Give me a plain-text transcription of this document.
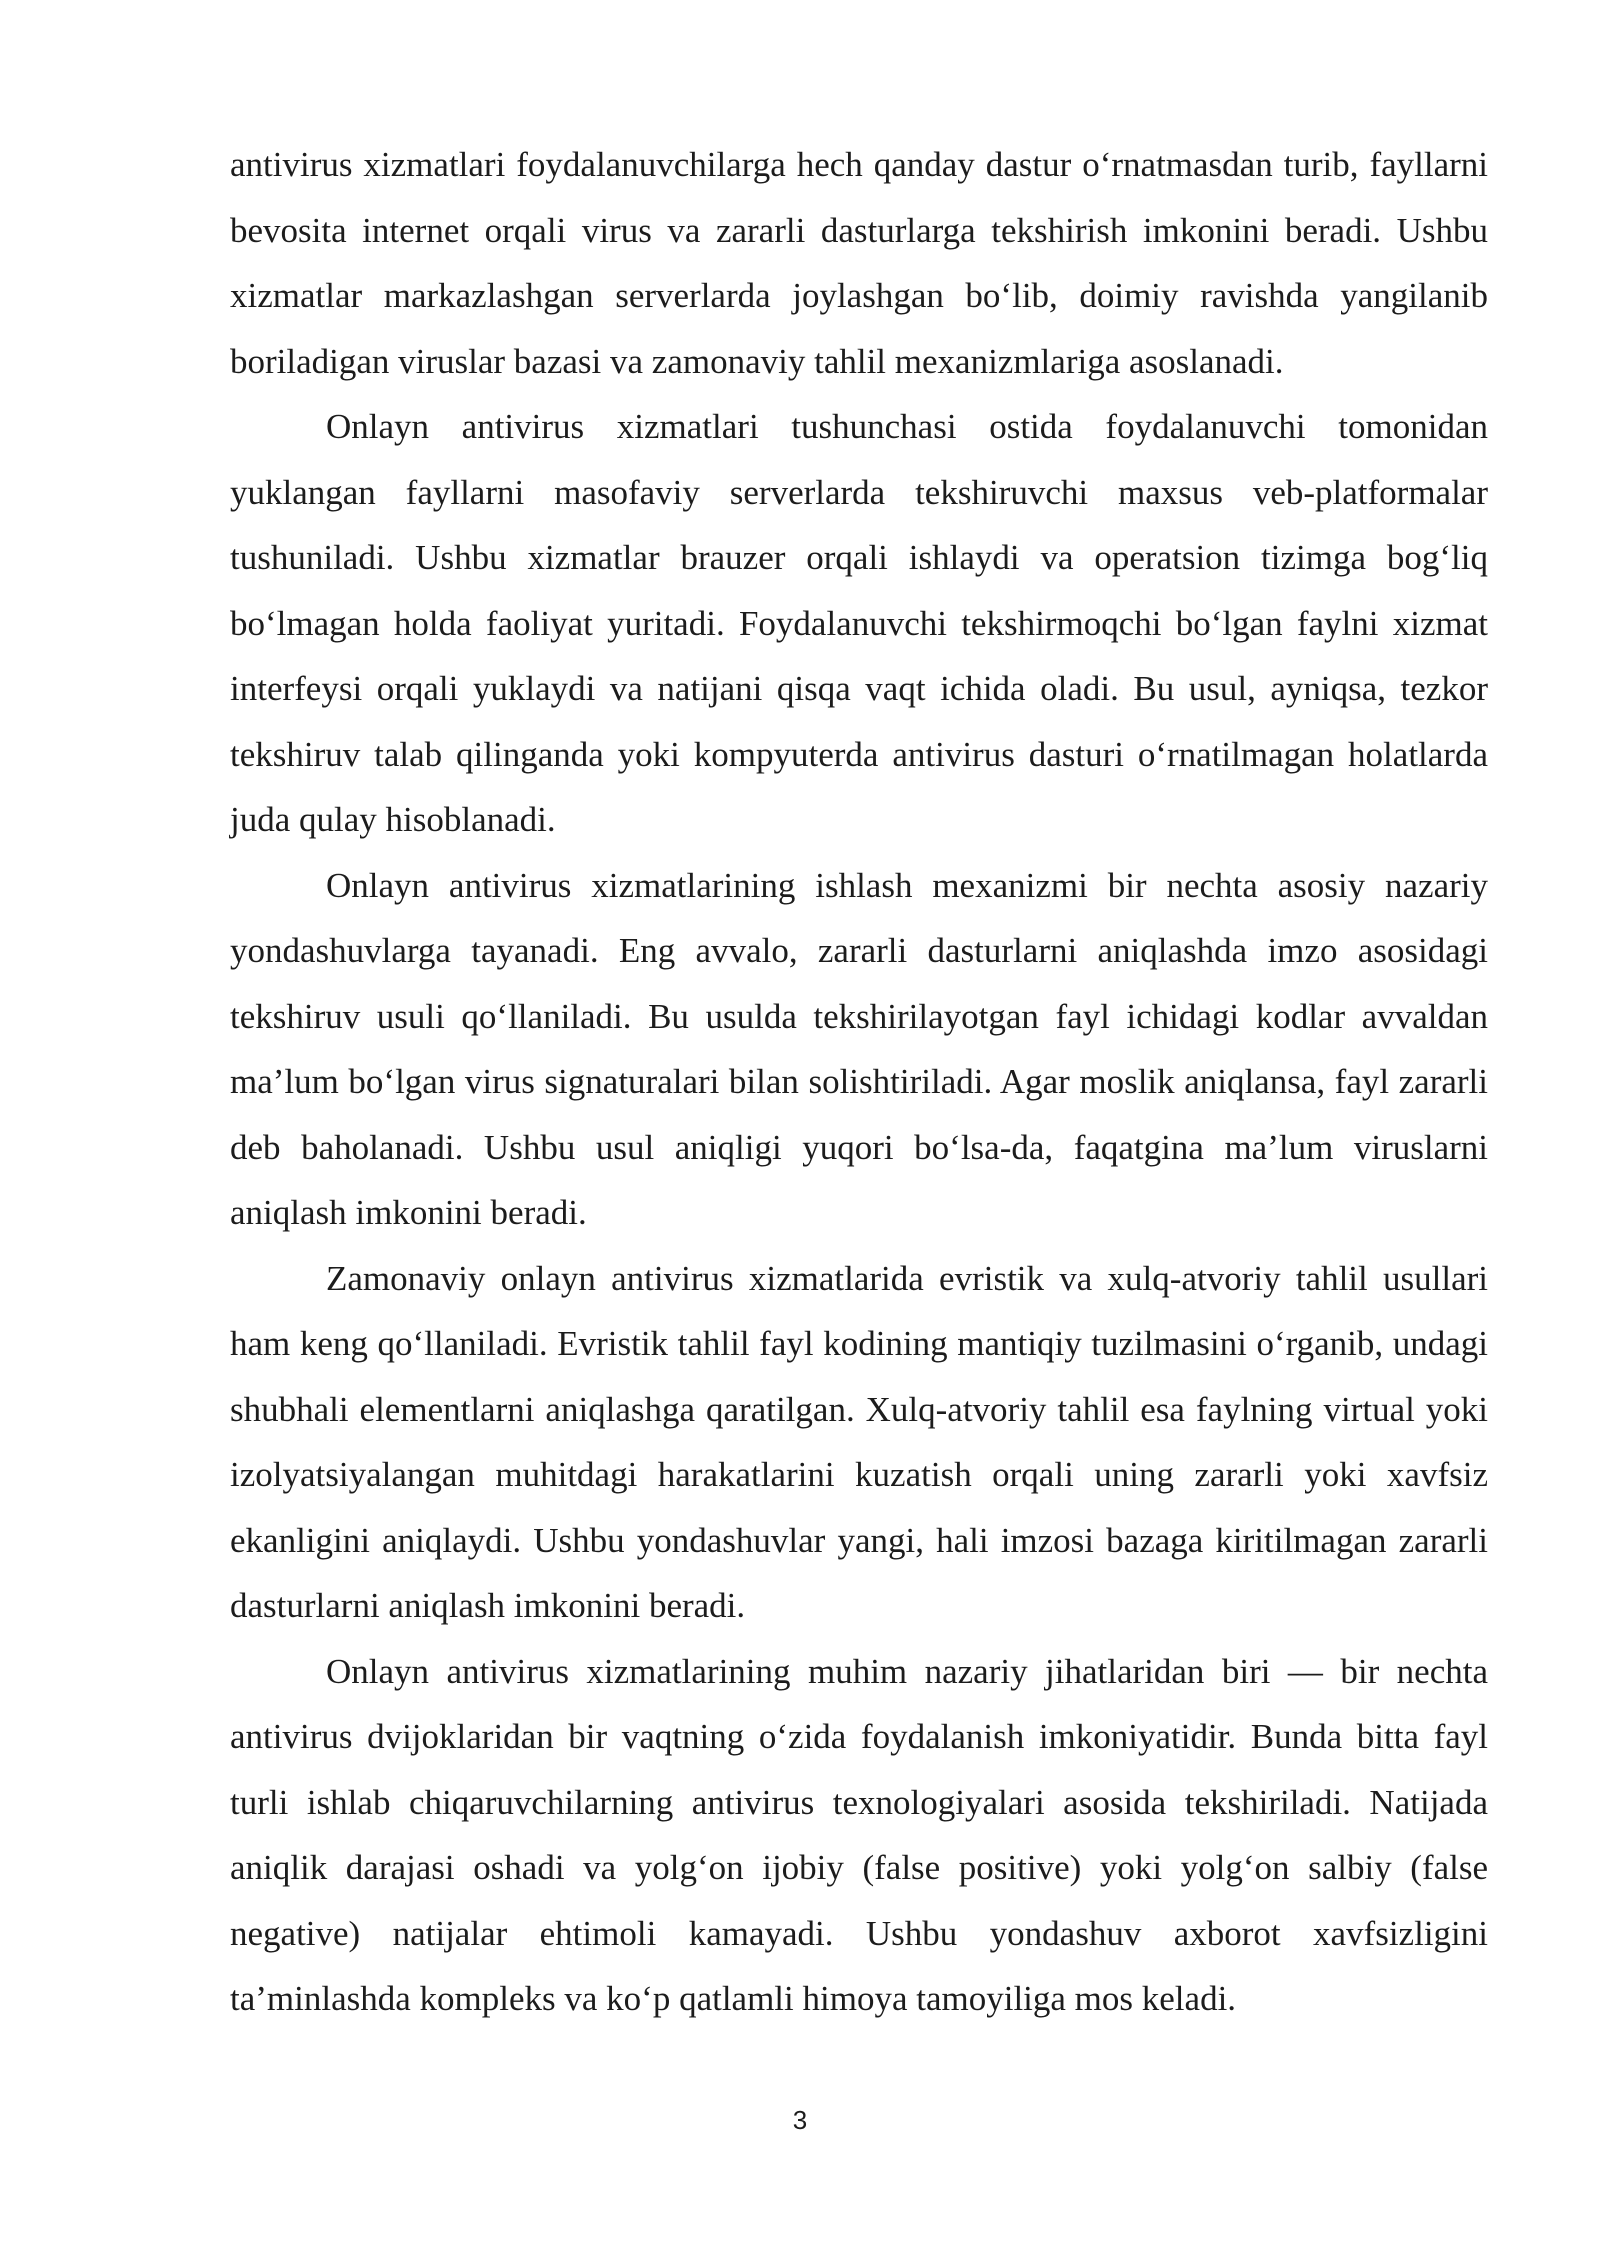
antivirus xizmatlari foydalanuvchilarga hech qanday dastur o‘rnatmasdan turib, fayllarni bevosita internet orqali virus va zararli dasturlarga tekshirish imkonini beradi. Ushbu xizmatlar markazlashgan serverlarda joylashgan bo‘lib, doimiy ravishda yangilanib boriladigan viruslar bazasi va zamonaviy tahlil mexanizmlariga asoslanadi.

Onlayn antivirus xizmatlari tushunchasi ostida foydalanuvchi tomonidan yuklangan fayllarni masofaviy serverlarda tekshiruvchi maxsus veb-platformalar tushuniladi. Ushbu xizmatlar brauzer orqali ishlaydi va operatsion tizimga bog‘liq bo‘lmagan holda faoliyat yuritadi. Foydalanuvchi tekshirmoqchi bo‘lgan faylni xizmat interfeysi orqali yuklaydi va natijani qisqa vaqt ichida oladi. Bu usul, ayniqsa, tezkor tekshiruv talab qilinganda yoki kompyuterda antivirus dasturi o‘rnatilmagan holatlarda juda qulay hisoblanadi.

Onlayn antivirus xizmatlarining ishlash mexanizmi bir nechta asosiy nazariy yondashuvlarga tayanadi. Eng avvalo, zararli dasturlarni aniqlashda imzo asosidagi tekshiruv usuli qo‘llaniladi. Bu usulda tekshirilayotgan fayl ichidagi kodlar avvaldan ma’lum bo‘lgan virus signaturalari bilan solishtiriladi. Agar moslik aniqlansa, fayl zararli deb baholanadi. Ushbu usul aniqligi yuqori bo‘lsa-da, faqatgina ma’lum viruslarni aniqlash imkonini beradi.

Zamonaviy onlayn antivirus xizmatlarida evristik va xulq-atvoriy tahlil usullari ham keng qo‘llaniladi. Evristik tahlil fayl kodining mantiqiy tuzilmasini o‘rganib, undagi shubhali elementlarni aniqlashga qaratilgan. Xulq-atvoriy tahlil esa faylning virtual yoki izolyatsiyalangan muhitdagi harakatlarini kuzatish orqali uning zararli yoki xavfsiz ekanligini aniqlaydi. Ushbu yondashuvlar yangi, hali imzosi bazaga kiritilmagan zararli dasturlarni aniqlash imkonini beradi.

Onlayn antivirus xizmatlarining muhim nazariy jihatlaridan biri — bir nechta antivirus dvijoklaridan bir vaqtning o‘zida foydalanish imkoniyatidir. Bunda bitta fayl turli ishlab chiqaruvchilarning antivirus texnologiyalari asosida tekshiriladi. Natijada aniqlik darajasi oshadi va yolg‘on ijobiy (false positive) yoki yolg‘on salbiy (false negative) natijalar ehtimoli kamayadi. Ushbu yondashuv axborot xavfsizligini ta’minlashda kompleks va ko‘p qatlamli himoya tamoyiliga mos keladi.

3
